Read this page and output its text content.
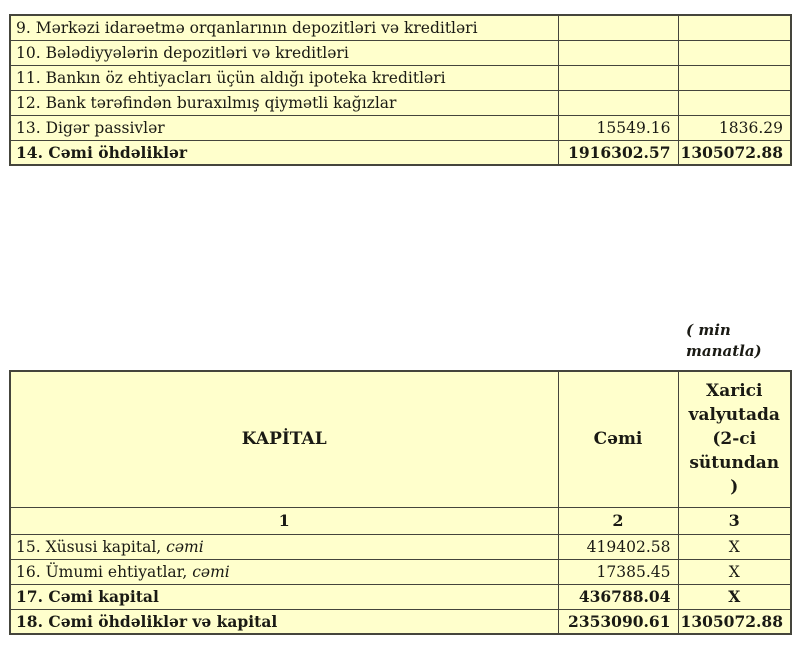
9. Mərkəzi idarəetmə orqanlarının depozitləri və kreditləri		
10. Bələdiyyələrin depozitləri və kreditləri		
11. Bankın öz ehtiyacları üçün aldığı ipoteka kreditləri		
12. Bank tərəfindən buraxılmış qiymətli kağızlar		
13. Digər passivlər	15549.16	1836.29
14. Cəmi öhdəliklər	1916302.57	1305072.88
( min
manatla)
KAPİTAL	Cəmi	Xarici
valyutada
(2-ci
sütundan
)

1	2	3
15. Xüsusi kapital, cəmi	419402.58	X
16. Ümumi ehtiyatlar, cəmi	17385.45	X
17. Cəmi kapital	436788.04	X
18. Cəmi öhdəliklər və kapital	2353090.61	1305072.88
